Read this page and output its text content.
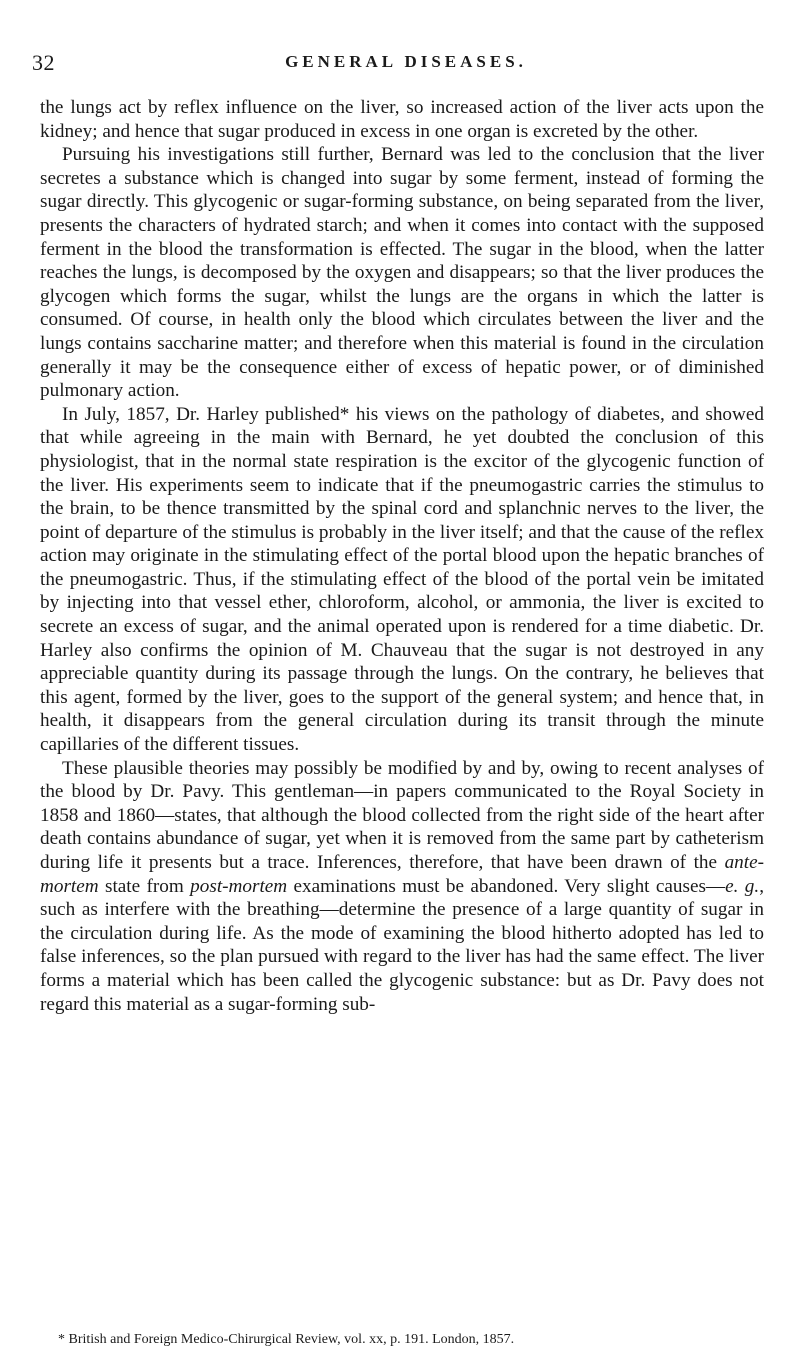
32	GENERAL DISEASES.

the lungs act by reflex influence on the liver, so increased action of the liver acts upon the kidney; and hence that sugar produced in excess in one organ is excreted by the other.

Pursuing his investigations still further, Bernard was led to the conclusion that the liver secretes a substance which is changed into sugar by some ferment, instead of forming the sugar directly. This glycogenic or sugar-forming substance, on being separated from the liver, presents the characters of hydrated starch; and when it comes into contact with the supposed ferment in the blood the transformation is effected. The sugar in the blood, when the latter reaches the lungs, is decomposed by the oxygen and disappears; so that the liver produces the glycogen which forms the sugar, whilst the lungs are the organs in which the latter is consumed. Of course, in health only the blood which circulates between the liver and the lungs contains saccharine matter; and therefore when this material is found in the circulation generally it may be the consequence either of excess of hepatic power, or of diminished pulmonary action.

In July, 1857, Dr. Harley published* his views on the pathology of diabetes, and showed that while agreeing in the main with Bernard, he yet doubted the conclusion of this physiologist, that in the normal state respiration is the excitor of the glycogenic function of the liver. His experiments seem to indicate that if the pneumogastric carries the stimulus to the brain, to be thence transmitted by the spinal cord and splanchnic nerves to the liver, the point of departure of the stimulus is probably in the liver itself; and that the cause of the reflex action may originate in the stimulating effect of the portal blood upon the hepatic branches of the pneumogastric. Thus, if the stimulating effect of the blood of the portal vein be imitated by injecting into that vessel ether, chloroform, alcohol, or ammonia, the liver is excited to secrete an excess of sugar, and the animal operated upon is rendered for a time diabetic. Dr. Harley also confirms the opinion of M. Chauveau that the sugar is not destroyed in any appreciable quantity during its passage through the lungs. On the contrary, he believes that this agent, formed by the liver, goes to the support of the general system; and hence that, in health, it disappears from the general circulation during its transit through the minute capillaries of the different tissues.

These plausible theories may possibly be modified by and by, owing to recent analyses of the blood by Dr. Pavy. This gentleman—in papers communicated to the Royal Society in 1858 and 1860—states, that although the blood collected from the right side of the heart after death contains abundance of sugar, yet when it is removed from the same part by catheterism during life it presents but a trace. Inferences, therefore, that have been drawn of the ante-mortem state from post-mortem examinations must be abandoned. Very slight causes—e. g., such as interfere with the breathing—determine the presence of a large quantity of sugar in the circulation during life. As the mode of examining the blood hitherto adopted has led to false inferences, so the plan pursued with regard to the liver has had the same effect. The liver forms a material which has been called the glycogenic substance: but as Dr. Pavy does not regard this material as a sugar-forming sub-

* British and Foreign Medico-Chirurgical Review, vol. xx, p. 191. London, 1857.
